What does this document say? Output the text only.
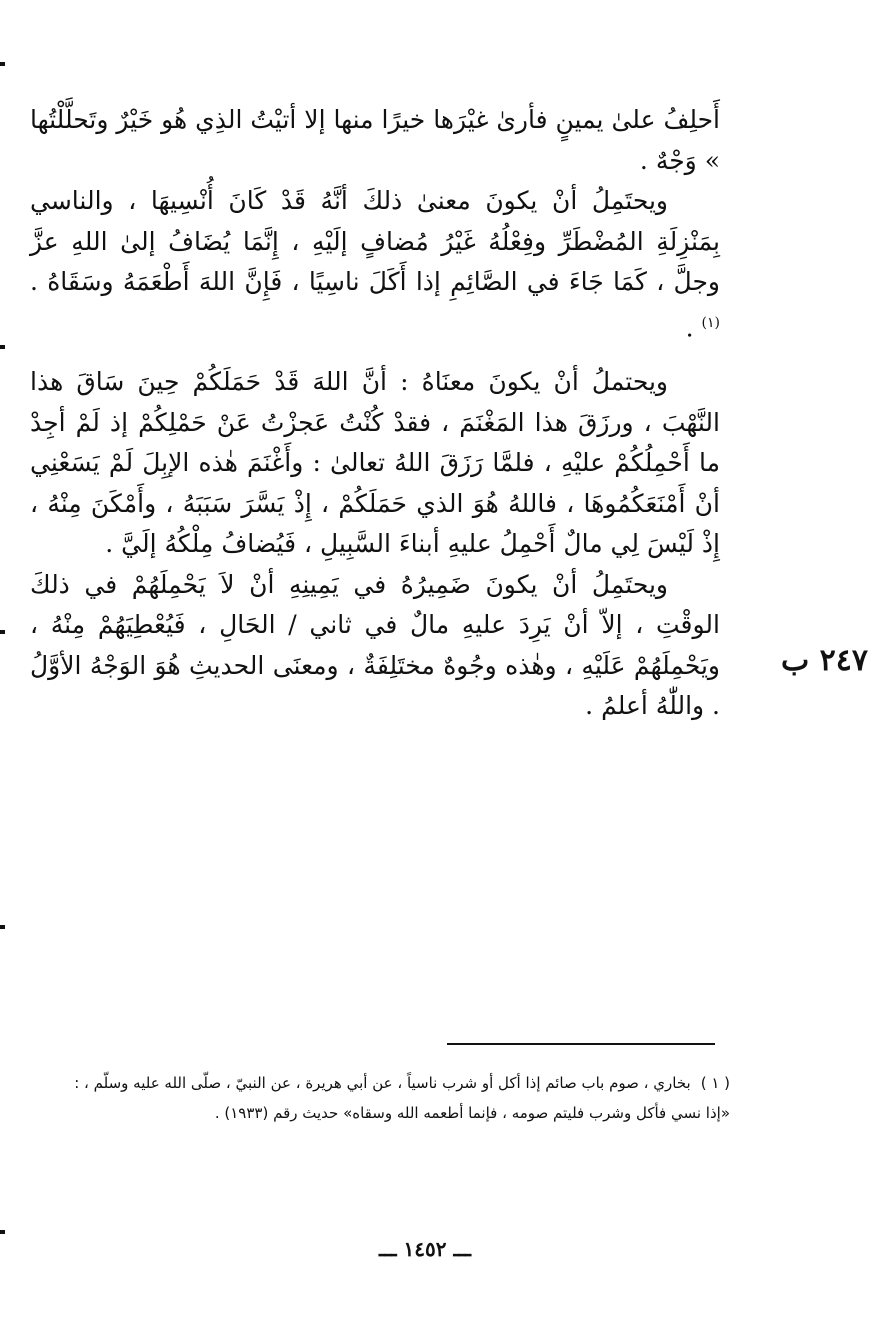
أَحلِفُ علىٰ يمينٍ فأرىٰ غيْرَها خيرًا منها إلا أتيْتُ الذِي هُو خَيْرٌ وتَحلَّلْتُها » وَجْهٌ .

ويحتَمِلُ أنْ يكونَ معنىٰ ذلكَ أنَّهُ قَدْ كَانَ أُنْسِيهَا ، والناسي بِمَنْزِلَةِ المُضْطَرِّ وفِعْلُهُ غَيْرُ مُضافٍ إلَيْهِ ، إِنَّمَا يُضَافُ إلىٰ اللهِ عزَّ وجلَّ ، كَمَا جَاءَ في الصَّائِمِ إذا أَكَلَ ناسِيًا ، فَإِنَّ اللهَ أَطْعَمَهُ وسَقَاهُ . $^{(١)}$ .

ويحتملُ أنْ يكونَ معنَاهُ : أنَّ اللهَ قَدْ حَمَلَكُمْ حِينَ سَاقَ هذا النَّهْبَ ، ورزَقَ هذا المَغْنَمَ ، فقدْ كُنْتُ عَجزْتُ عَنْ حَمْلِكُمْ إذ لَمْ أجِدْ ما أَحْمِلُكُمْ عليْهِ ، فلمَّا رَزَقَ اللهُ تعالىٰ : وأَغْنَمَ هٰذه الإبِلَ لَمْ يَسَعْنِي أنْ أَمْنَعَكُمُوهَا ، فاللهُ هُوَ الذي حَمَلَكُمْ ، إِذْ يَسَّرَ سَبَبَهُ ، وأَمْكَنَ مِنْهُ ، إِذْ لَيْسَ لِي مالٌ أَحْمِلُ عليهِ أبناءَ السَّبِيلِ ، فَيُضافُ مِلْكُهُ إلَيَّ .

ويحتَمِلُ أنْ يكونَ ضَمِيرُهُ في يَمِينِهِ أنْ لاَ يَحْمِلَهُمْ في ذلكَ الوقْتِ ، إلاّ أنْ يَرِدَ عليهِ مالٌ في ثاني / الحَالِ ، فَيُعْطِيَهُمْ مِنْهُ ، ويَحْمِلَهُمْ عَلَيْهِ ، وهٰذه وجُوهٌ مختَلِفَةٌ ، ومعنَى الحديثِ هُوَ الوَجْهُ الأوَّلُ . واللّٰهُ أعلمُ .

٢٤٧ ب

( ١ )بخاري ، صوم باب صائم إذا أكل أو شرب ناسياً ، عن أبي هريرة ، عن النبيّ ، صلّى الله عليه وسلّم ، : «إذا نسي فأكل وشرب فليتم صومه ، فإنما أطعمه الله وسقاه» حديث رقم (١٩٣٣) .

ـــ ١٤٥٢ ـــ
